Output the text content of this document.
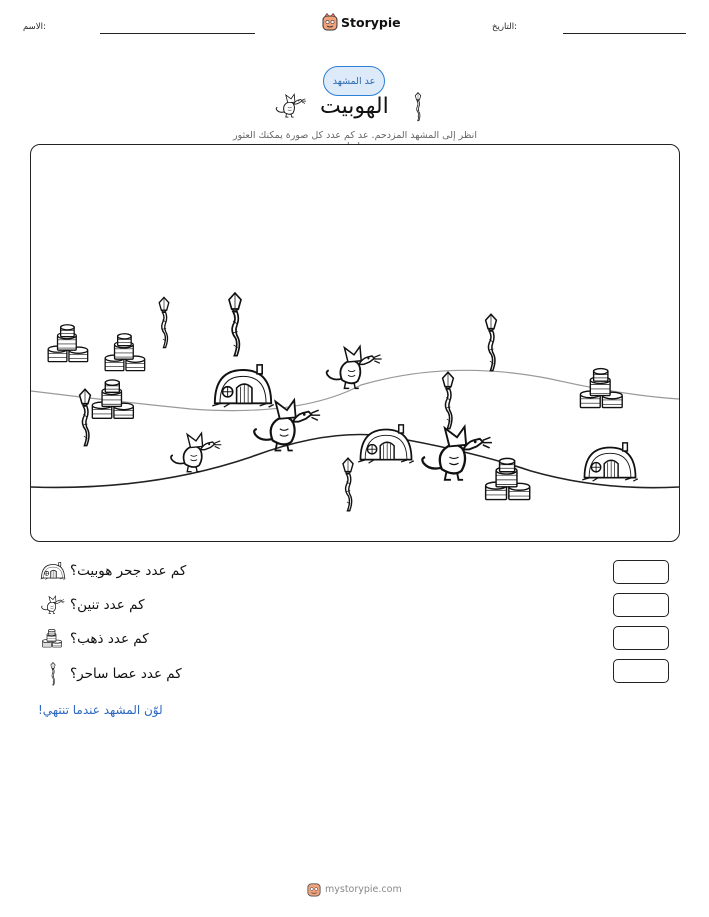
الاسم:	Storypie	التاريخ:
عد المشهد
الهوبيت
انظر إلى المشهد المزدحم. عد كم عدد كل صورة يمكنك العثور
كم عدد جحر هوبيت؟
كم عدد تنين؟
كم عدد ذهب؟
كم عدد عصا ساحر؟
لوّن المشهد عندما تنتهي!
mystorypie.com
